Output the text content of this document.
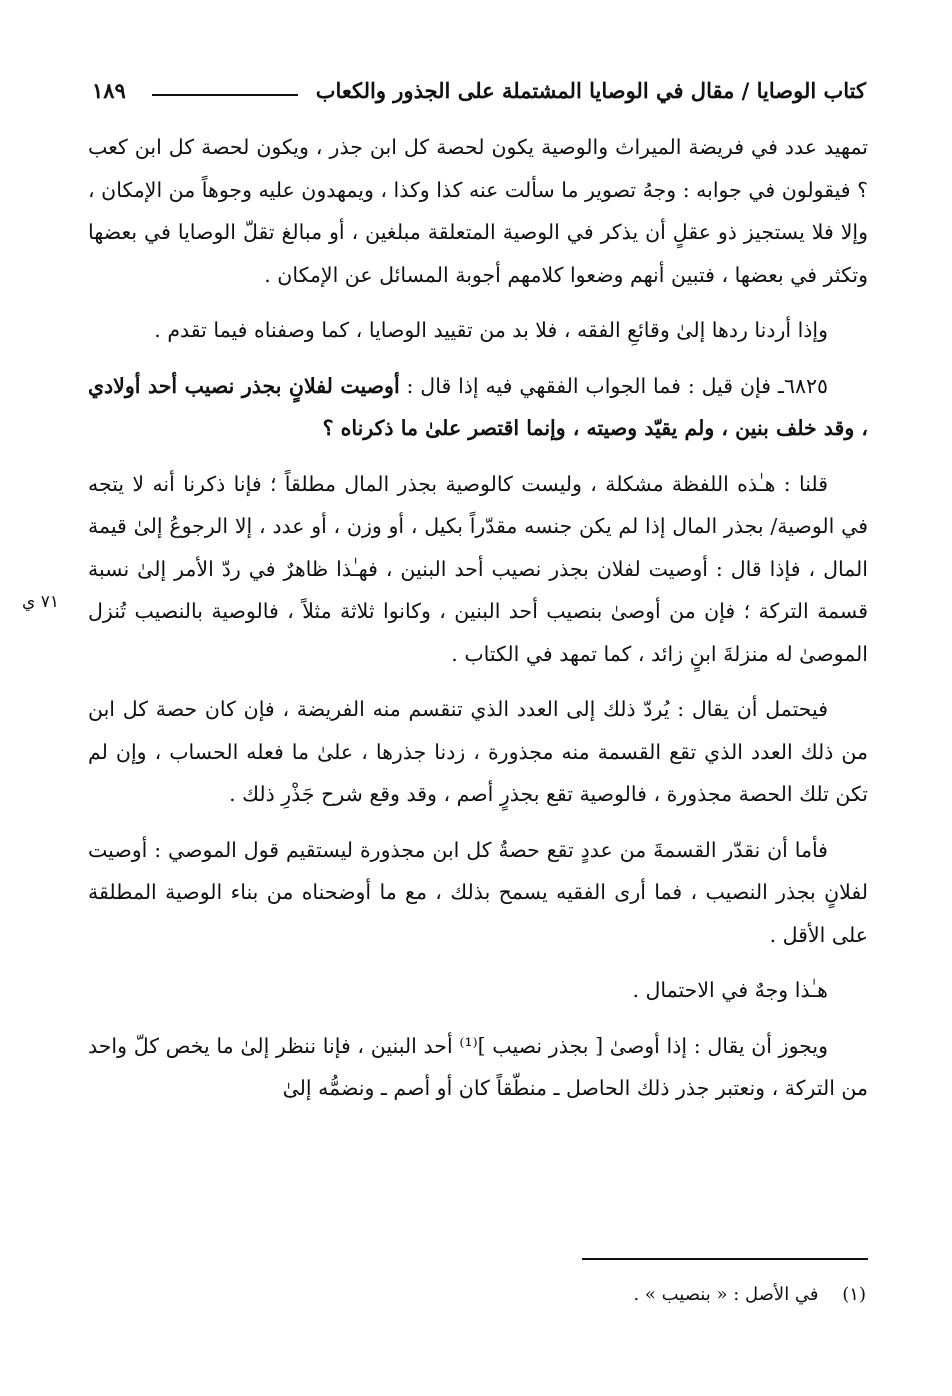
كتاب الوصايا / مقال في الوصايا المشتملة على الجذور والكعاب
١٨٩

تمهيد عدد في فريضة الميراث والوصية يكون لحصة كل ابن جذر ، ويكون لحصة كل ابن كعب ؟ فيقولون في جوابه : وجهُ تصوير ما سألت عنه كذا وكذا ، ويمهدون عليه وجوهاً من الإمكان ، وإلا فلا يستجيز ذو عقلٍ أن يذكر في الوصية المتعلقة مبلغين ، أو مبالغ تقلّ الوصايا في بعضها وتكثر في بعضها ، فتبين أنهم وضعوا كلامهم أجوبة المسائل عن الإمكان .

وإذا أردنا ردها إلىٰ وقائعِ الفقه ، فلا بد من تقييد الوصايا ، كما وصفناه فيما تقدم .

٦٨٢٥ـ فإن قيل : فما الجواب الفقهي فيه إذا قال : أوصيت لفلانٍ بجذر نصيب أحد أولادي ، وقد خلف بنين ، ولم يقيّد وصيته ، وإنما اقتصر علىٰ ما ذكرناه ؟

قلنا : هـٰذه اللفظة مشكلة ، وليست كالوصية بجذر المال مطلقاً ؛ فإنا ذكرنا أنه لا يتجه في الوصية/ بجذر المال إذا لم يكن جنسه مقدّراً بكيل ، أو وزن ، أو عدد ، إلا الرجوعُ إلىٰ قيمة المال ، فإذا قال : أوصيت لفلان بجذر نصيب أحد البنين ، فهـٰذا ظاهرٌ في ردّ الأمر إلىٰ نسبة قسمة التركة ؛ فإن من أوصىٰ بنصيب أحد البنين ، وكانوا ثلاثة مثلاً ، فالوصية بالنصيب تُنزل الموصىٰ له منزلةَ ابنٍ زائد ، كما تمهد في الكتاب .

فيحتمل أن يقال : يُردّ ذلك إلى العدد الذي تنقسم منه الفريضة ، فإن كان حصة كل ابن من ذلك العدد الذي تقع القسمة منه مجذورة ، زدنا جذرها ، علىٰ ما فعله الحساب ، وإن لم تكن تلك الحصة مجذورة ، فالوصية تقع بجذرٍ أصم ، وقد وقع شرح جَذْرِ ذلك .

فأما أن نقدّر القسمةَ من عددٍ تقع حصةُ كل ابن مجذورة ليستقيم قول الموصي : أوصيت لفلانٍ بجذر النصيب ، فما أرى الفقيه يسمح بذلك ، مع ما أوضحناه من بناء الوصية المطلقة على الأقل .

هـٰذا وجهٌ في الاحتمال .

ويجوز أن يقال : إذا أوصىٰ [ بجذر نصيب ]⁽¹⁾ أحد البنين ، فإنا ننظر إلىٰ ما يخص كلّ واحد من التركة ، ونعتبر جذر ذلك الحاصل ـ منطّقاً كان أو أصم ـ ونضمُّه إلىٰ

٧١ ي
(١) في الأصل : « بنصيب » .
